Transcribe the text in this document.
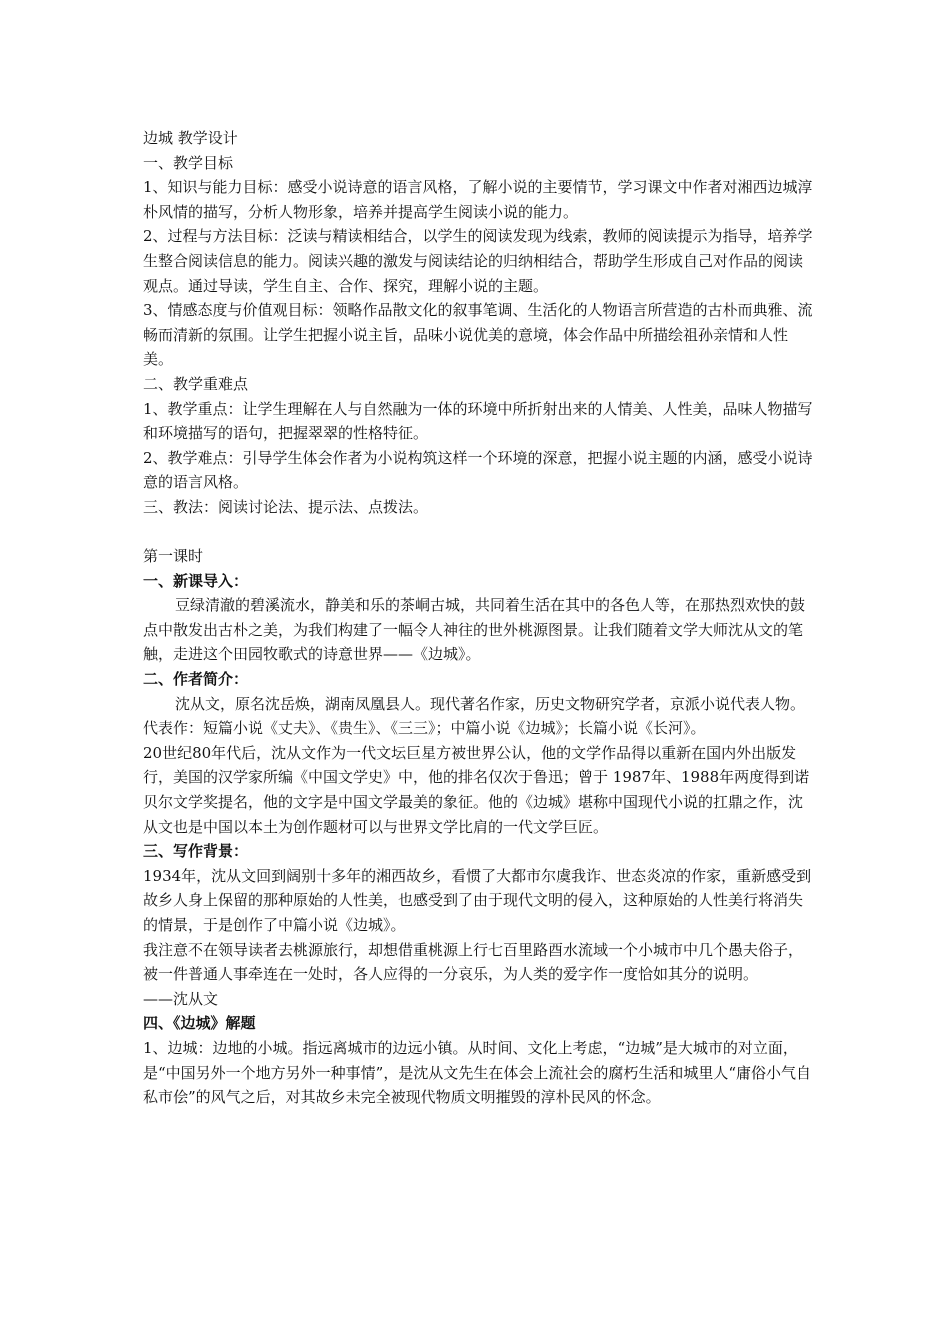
边城 教学设计

一、教学目标

1、知识与能力目标：感受小说诗意的语言风格，了解小说的主要情节，学习课文中作者对湘西边城淳朴风情的描写，分析人物形象，培养并提高学生阅读小说的能力。

2、过程与方法目标：泛读与精读相结合，以学生的阅读发现为线索，教师的阅读提示为指导，培养学生整合阅读信息的能力。阅读兴趣的激发与阅读结论的归纳相结合，帮助学生形成自己对作品的阅读观点。通过导读，学生自主、合作、探究，理解小说的主题。

3、情感态度与价值观目标：领略作品散文化的叙事笔调、生活化的人物语言所营造的古朴而典雅、流畅而清新的氛围。让学生把握小说主旨，品味小说优美的意境，体会作品中所描绘祖孙亲情和人性美。

二、教学重难点

1、教学重点：让学生理解在人与自然融为一体的环境中所折射出来的人情美、人性美，品味人物描写和环境描写的语句，把握翠翠的性格特征。

2、教学难点：引导学生体会作者为小说构筑这样一个环境的深意，把握小说主题的内涵，感受小说诗意的语言风格。

三、教法：阅读讨论法、提示法、点拨法。

第一课时

一、新课导入：

豆绿清澈的碧溪流水，静美和乐的茶峒古城，共同着生活在其中的各色人等，在那热烈欢快的鼓点中散发出古朴之美，为我们构建了一幅令人神往的世外桃源图景。让我们随着文学大师沈从文的笔触，走进这个田园牧歌式的诗意世界——《边城》。

二、作者简介：

沈从文，原名沈岳焕，湖南凤凰县人。现代著名作家，历史文物研究学者，京派小说代表人物。代表作：短篇小说《丈夫》、《贵生》、《三三》；中篇小说《边城》；长篇小说《长河》。

20世纪80年代后，沈从文作为一代文坛巨星方被世界公认，他的文学作品得以重新在国内外出版发行，美国的汉学家所编《中国文学史》中，他的排名仅次于鲁迅；曾于 1987年、1988年两度得到诺贝尔文学奖提名，他的文字是中国文学最美的象征。他的《边城》堪称中国现代小说的扛鼎之作，沈从文也是中国以本土为创作题材可以与世界文学比肩的一代文学巨匠。

三、写作背景：

1934年，沈从文回到阔别十多年的湘西故乡，看惯了大都市尔虞我诈、世态炎凉的作家，重新感受到故乡人身上保留的那种原始的人性美，也感受到了由于现代文明的侵入，这种原始的人性美行将消失的情景，于是创作了中篇小说《边城》。

我注意不在领导读者去桃源旅行，却想借重桃源上行七百里路酉水流域一个小城市中几个愚夫俗子，被一件普通人事牵连在一处时，各人应得的一分哀乐，为人类的爱字作一度恰如其分的说明。

——沈从文

四、《边城》解题

1、边城：边地的小城。指远离城市的边远小镇。从时间、文化上考虑，“边城”是大城市的对立面，是“中国另外一个地方另外一种事情”，是沈从文先生在体会上流社会的腐朽生活和城里人“庸俗小气自私市侩”的风气之后，对其故乡未完全被现代物质文明摧毁的淳朴民风的怀念。
